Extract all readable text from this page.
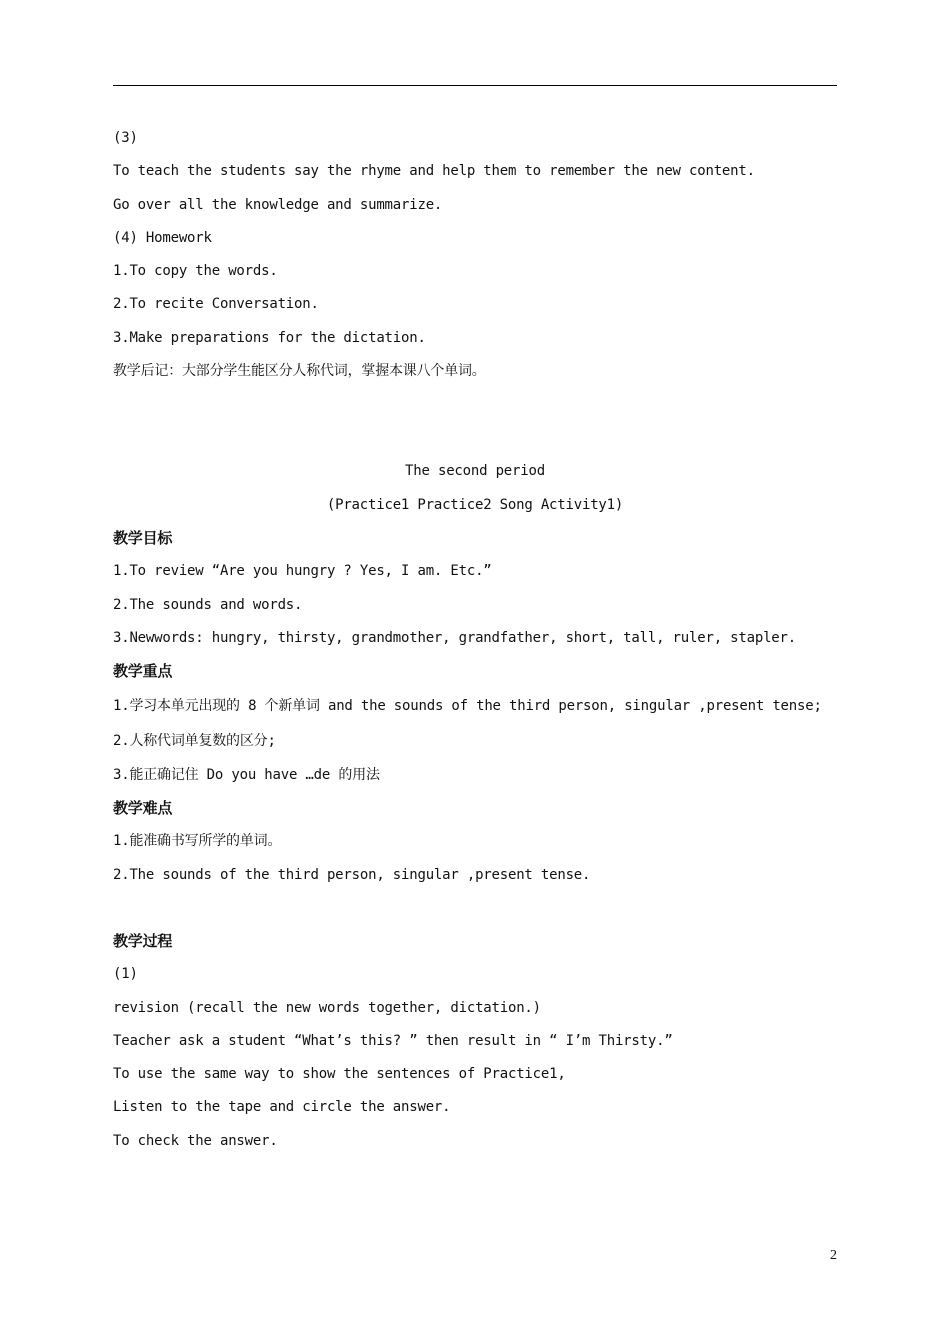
(3)
To teach the students say the rhyme and help them to remember the new content.
Go over all the knowledge and summarize.
(4) Homework
1.To copy the words.
2.To recite Conversation.
3.Make preparations for the dictation.
教学后记：大部分学生能区分人称代词，掌握本课八个单词。
The second period
(Practice1 Practice2 Song Activity1)
教学目标
1.To review “Are you hungry ? Yes, I am. Etc.”
2.The sounds and words.
3.Newwords: hungry, thirsty, grandmother, grandfather, short, tall, ruler, stapler.
教学重点
1.学习本单元出现的 8 个新单词 and the sounds of the third person, singular ,present tense;
2.人称代词单复数的区分;
3.能正确记住 Do you have …de 的用法
教学难点
1.能准确书写所学的单词。
2.The sounds of the third person, singular ,present tense.
教学过程
(1)
revision (recall the new words together, dictation.)
Teacher ask a student “What’s this? ” then result in “ I’m Thirsty.”
To use the same way to show the sentences of Practice1,
Listen to the tape and circle the answer.
To check the answer.
2
